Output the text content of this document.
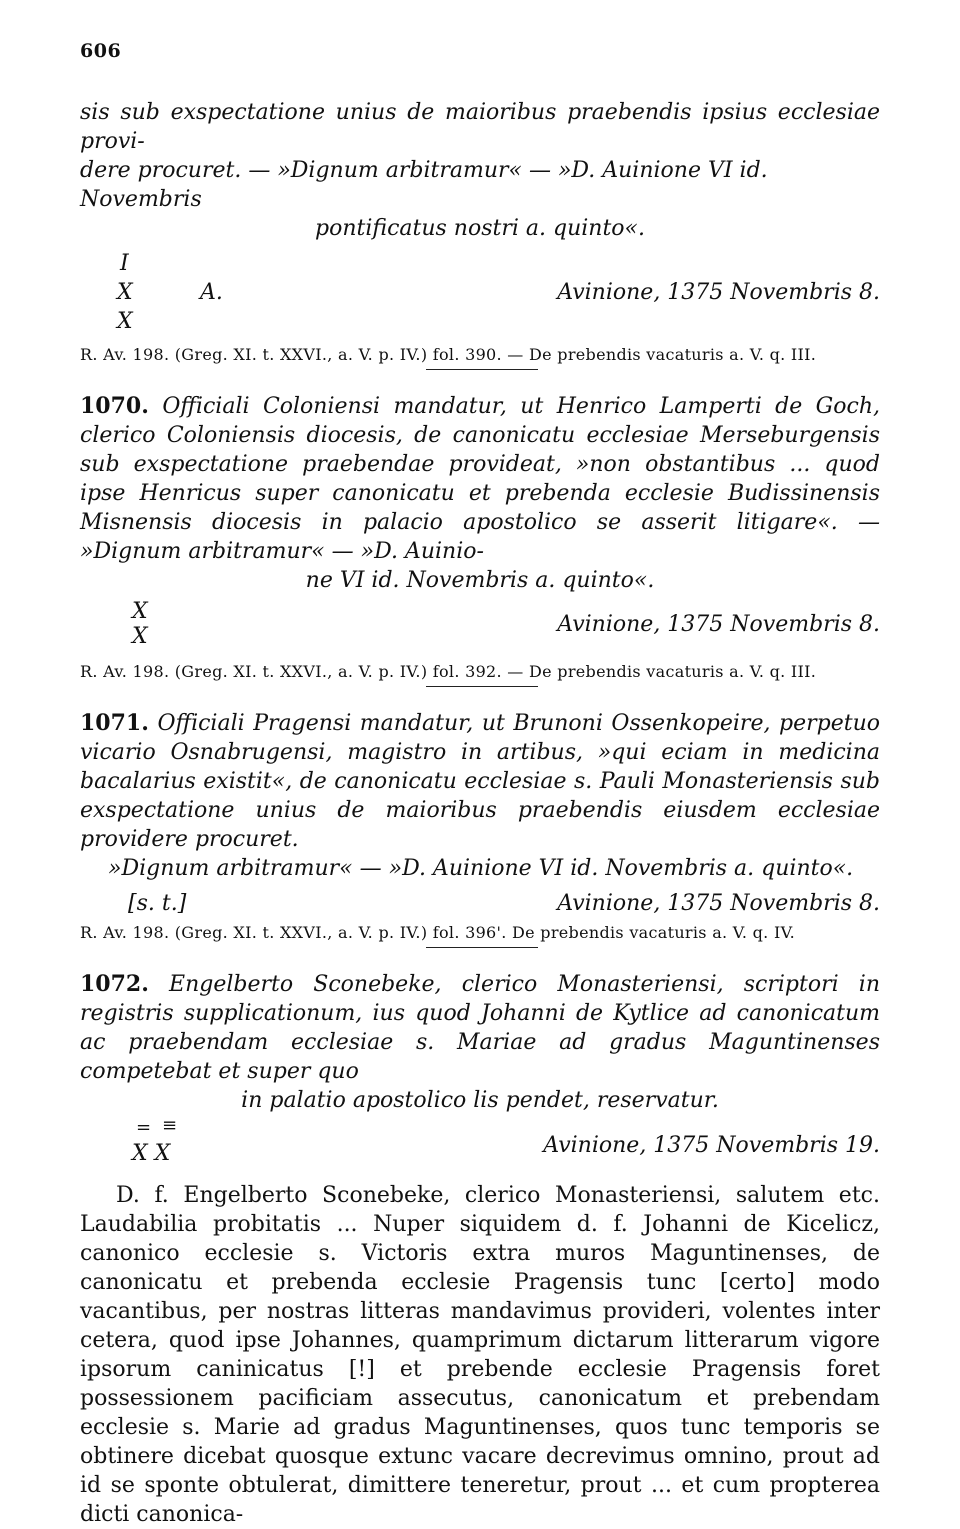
606
sis sub exspectatione unius de maioribus praebendis ipsius ecclesiae provi-
dere procuret. — »Dignum arbitramur« — »D. Auinione VI id. Novembris
pontificatus nostri a. quinto«.
I
X	A.	Avinione, 1375 Novembris 8.
X
R. Av. 198. (Greg. XI. t. XXVI., a. V. p. IV.) fol. 390. — De prebendis vacaturis a. V. q. III.
1070. Officiali Coloniensi mandatur, ut Henrico Lamperti de Goch, clerico Coloniensis diocesis, de canonicatu ecclesiae Merseburgensis sub exspectatione praebendae provideat, »non obstantibus ... quod ipse Henricus super canonicatu et prebenda ecclesie Budissinensis Misnensis diocesis in palacio apostolico se asserit litigare«. — »Dignum arbitramur« — »D. Auinio-
ne VI id. Novembris a. quinto«.
X
X	Avinione, 1375 Novembris 8.
R. Av. 198. (Greg. XI. t. XXVI., a. V. p. IV.) fol. 392. — De prebendis vacaturis a. V. q. III.
1071. Officiali Pragensi mandatur, ut Brunoni Ossenkopeire, perpetuo vicario Osnabrugensi, magistro in artibus, »qui eciam in medicina bacalarius existit«, de canonicatu ecclesiae s. Pauli Monasteriensis sub exspectatione unius de maioribus praebendis eiusdem ecclesiae providere procuret.
»Dignum arbitramur« — »D. Auinione VI id. Novembris a. quinto«.
[s. t.]	Avinione, 1375 Novembris 8.
R. Av. 198. (Greg. XI. t. XXVI., a. V. p. IV.) fol. 396'. De prebendis vacaturis a. V. q. IV.
1072. Engelberto Sconebeke, clerico Monasteriensi, scriptori in registris supplicationum, ius quod Johanni de Kytlice ad canonicatum ac praebendam ecclesiae s. Mariae ad gradus Maguntinenses competebat et super quo
in palatio apostolico lis pendet, reservatur.
= ≡
X X	Avinione, 1375 Novembris 19.
D. f. Engelberto Sconebeke, clerico Monasteriensi, salutem etc. Laudabilia probitatis ... Nuper siquidem d. f. Johanni de Kicelicz, canonico ecclesie s. Victoris extra muros Maguntinenses, de canonicatu et prebenda ecclesie Pragensis tunc [certo] modo vacantibus, per nostras litteras mandavimus provideri, volentes inter cetera, quod ipse Johannes, quamprimum dictarum litterarum vigore ipsorum caninicatus [!] et prebende ecclesie Pragensis foret possessionem pacificiam assecutus, canonicatum et prebendam ecclesie s. Marie ad gradus Maguntinenses, quos tunc temporis se obtinere dicebat quosque extunc vacare decrevimus omnino, prout ad id se sponte obtulerat, dimittere teneretur, prout ... et cum propterea dicti canonica-
